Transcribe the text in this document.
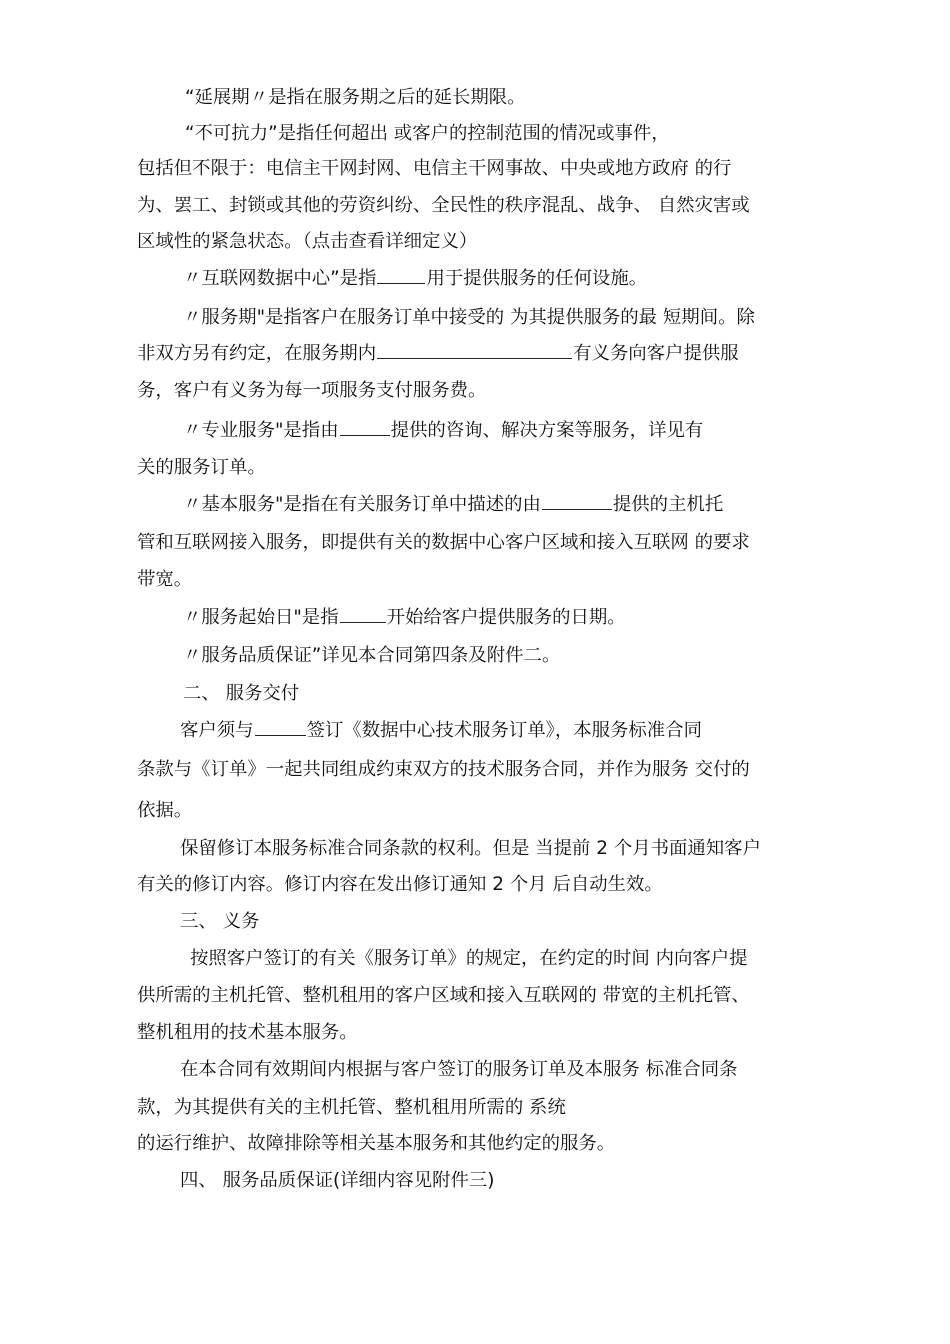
“延展期〃是指在服务期之后的延长期限。
“不可抗力”是指任何超出 或客户的控制范围的情况或事件，
包括但不限于：电信主干网封网、电信主干网事故、中央或地方政府 的行
为、罢工、封锁或其他的劳资纠纷、全民性的秩序混乱、战争、 自然灾害或
区域性的紧急状态。（点击查看详细定义）
〃互联网数据中心”是指	用于提供服务的任何设施。
〃服务期"是指客户在服务订单中接受的 为其提供服务的最 短期间。除
非双方另有约定，在服务期内	有义务向客户提供服
务，客户有义务为每一项服务支付服务费。
〃专业服务"是指由	提供的咨询、解决方案等服务，详见有
关的服务订单。
〃基本服务"是指在有关服务订单中描述的由	提供的主机托
管和互联网接入服务，即提供有关的数据中心客户区域和接入互联网 的要求
带宽。
〃服务起始日"是指	开始给客户提供服务的日期。
〃服务品质保证”详见本合同第四条及附件二。
二、 服务交付
客户须与	签订《数据中心技术服务订单》，本服务标准合同
条款与《订单》一起共同组成约束双方的技术服务合同，并作为服务 交付的
依据。
保留修订本服务标准合同条款的权利。但是 当提前 2 个月书面通知客户
有关的修订内容。修订内容在发出修订通知 2 个月 后自动生效。
三、 义务
按照客户签订的有关《服务订单》的规定，在约定的时间 内向客户提
供所需的主机托管、整机租用的客户区域和接入互联网的 带宽的主机托管、
整机租用的技术基本服务。
在本合同有效期间内根据与客户签订的服务订单及本服务 标准合同条
款，为其提供有关的主机托管、整机租用所需的 系统
的运行维护、故障排除等相关基本服务和其他约定的服务。
四、 服务品质保证(详细内容见附件三)
